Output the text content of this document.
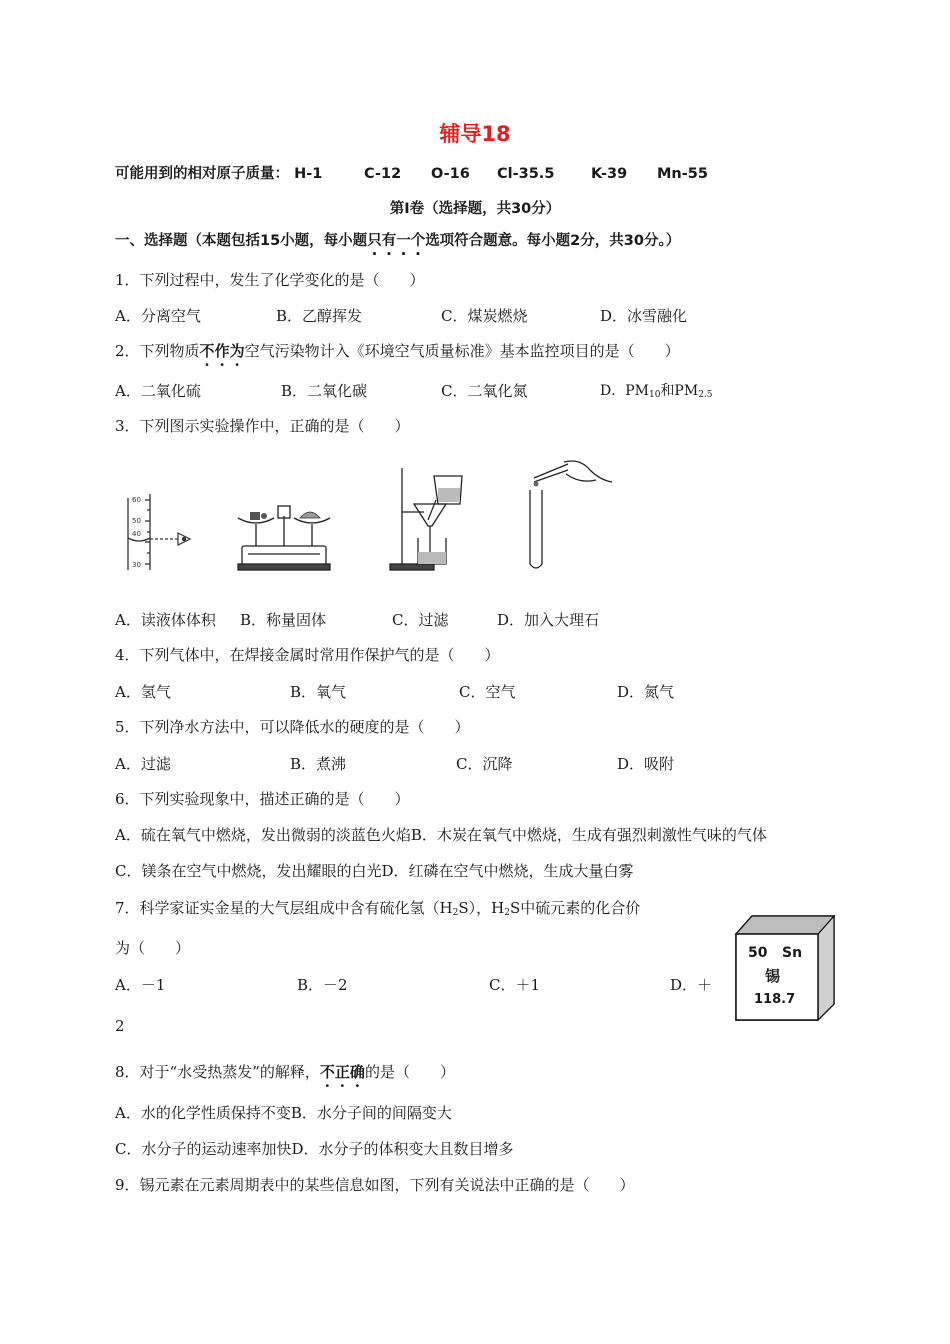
辅导18
可能用到的相对原子质量： H-1	C-12 O-16 Cl-35.5	K-39 Mn-55
第Ⅰ卷（选择题，共30分）
一、选择题（本题包括15小题，每小题只有一个选项符合题意。每小题2分，共30分。）
1．下列过程中，发生了化学变化的是（　　）
A．分离空气	B．乙醇挥发	C．煤炭燃烧	D．冰雪融化
2．下列物质不作为空气污染物计入《环境空气质量标准》基本监控项目的是（　　）
A．二氧化硫	B．二氧化碳	C．二氧化氮	D．$PM_{10}$和$PM_{2.5}$
3．下列图示实验操作中，正确的是（　　）
60
50
40
30
A．读液体体积 B．称量固体	C．过滤	D．加入大理石
4．下列气体中，在焊接金属时常用作保护气的是（　　）
A．氢气	B．氧气	C．空气	D．氮气
5．下列净水方法中，可以降低水的硬度的是（　　）
A．过滤	B．煮沸	C．沉降	D．吸附
6．下列实验现象中，描述正确的是（　　）
A．硫在氧气中燃烧，发出微弱的淡蓝色火焰B．木炭在氧气中燃烧，生成有强烈刺激性气味的气体
C．镁条在空气中燃烧，发出耀眼的白光D．红磷在空气中燃烧，生成大量白雾
7．科学家证实金星的大气层组成中含有硫化氢$(H_2S)$，$H_2S$中硫元素的化合价
为（　　）
A．－1	B．－2	C．＋1	D．＋
2
50 Sn
锡
118.7
8．对于“水受热蒸发”的解释，不正确的是（　　）
A．水的化学性质保持不变B．水分子间的间隔变大
C．水分子的运动速率加快D．水分子的体积变大且数目增多
9．锡元素在元素周期表中的某些信息如图，下列有关说法中正确的是（　　）
